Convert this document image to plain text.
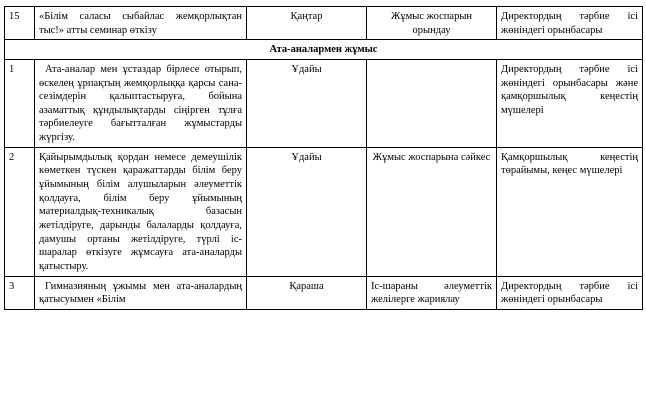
15	«Білім саласы сыбайлас жемқорлықтан тыс!» атты семинар өткізу	Қаңтар	Жұмыс жоспарын орындау	Директордың тәрбие ісі жөніндегі орынбасары
Ата-аналармен жұмыс				
1	Ата-аналар мен ұстаздар бірлесе отырып, өскелең ұрпақтың жемқорлыққа қарсы сана-сезімдерін қалыптастыруға, бойына азаматтық құндылықтарды сіңірген тұлға тәрбиелеуге бағытталған жұмыстарды жүргізу.	Ұдайы		Директордың тәрбие ісі жөніндегі орынбасары және қамқоршылық кеңестің мүшелері
2	Қайырымдылық қордан немесе демеушілік көметкен түскен қаражаттарды білім беру ұйымының білім алушыларын әлеуметтік қолдауға, білім беру ұйымының материалдық-техникалық базасын жетілдіруге, дарынды балаларды қолдауға, дамушы ортаны жетілдіруге, түрлі іс-шаралар өткізуге жұмсауға ата-аналарды қатыстыру.	Ұдайы	Жұмыс жоспарына сәйкес	Қамқоршылық кеңестің төрайымы, кеңес мүшелері
3	Гимназияның ұжымы мен ата-аналардың қатысуымен «Білім	Қараша	Іс-шараны әлеуметтік желілерге жариялау	Директордың тәрбие ісі жөніндегі орынбасары
